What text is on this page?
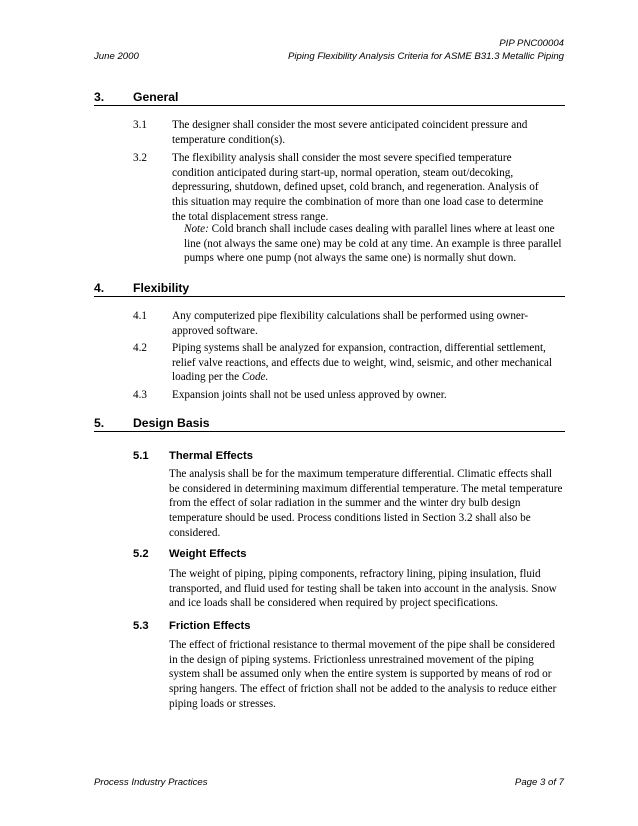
PIP PNC00004
June 2000	Piping Flexibility Analysis Criteria for ASME B31.3 Metallic Piping
3. General
3.1 The designer shall consider the most severe anticipated coincident pressure and temperature condition(s).
3.2 The flexibility analysis shall consider the most severe specified temperature condition anticipated during start-up, normal operation, steam out/decoking, depressuring, shutdown, defined upset, cold branch, and regeneration. Analysis of this situation may require the combination of more than one load case to determine the total displacement stress range.
Note: Cold branch shall include cases dealing with parallel lines where at least one line (not always the same one) may be cold at any time. An example is three parallel pumps where one pump (not always the same one) is normally shut down.
4. Flexibility
4.1 Any computerized pipe flexibility calculations shall be performed using owner-approved software.
4.2 Piping systems shall be analyzed for expansion, contraction, differential settlement, relief valve reactions, and effects due to weight, wind, seismic, and other mechanical loading per the Code.
4.3 Expansion joints shall not be used unless approved by owner.
5. Design Basis
5.1 Thermal Effects
The analysis shall be for the maximum temperature differential. Climatic effects shall be considered in determining maximum differential temperature. The metal temperature from the effect of solar radiation in the summer and the winter dry bulb design temperature should be used. Process conditions listed in Section 3.2 shall also be considered.
5.2 Weight Effects
The weight of piping, piping components, refractory lining, piping insulation, fluid transported, and fluid used for testing shall be taken into account in the analysis. Snow and ice loads shall be considered when required by project specifications.
5.3 Friction Effects
The effect of frictional resistance to thermal movement of the pipe shall be considered in the design of piping systems. Frictionless unrestrained movement of the piping system shall be assumed only when the entire system is supported by means of rod or spring hangers. The effect of friction shall not be added to the analysis to reduce either piping loads or stresses.
Process Industry Practices	Page 3 of 7
